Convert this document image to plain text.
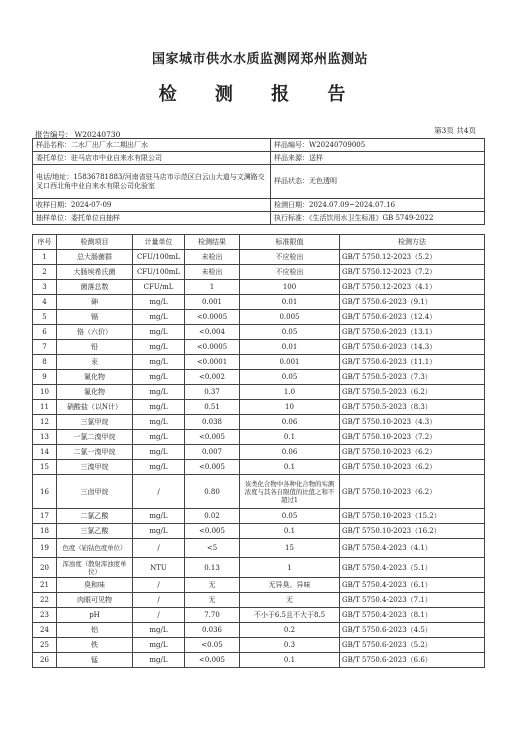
国家城市供水水质监测网郑州监测站
检 测 报 告
第3页 共4页
报告编号： W20240730
样品名称：二水厂出厂水二期出厂水	样品编号：W20240709005
委托单位：驻马店市中业自来水有限公司	样品来源：送样
电话/地址：15836781883/河南省驻马店市示范区白云山大道与文渊路交叉口西北角中业自来水有限公司化验室	样品状态：无色透明
收样日期：2024-07-09	检测日期：2024.07.09~2024.07.16
抽样单位：委托单位自抽样	执行标准：《生活饮用水卫生标准》GB 5749-2022
序号	检测项目	计量单位	检测结果	标准限值	检测方法
1	总大肠菌群	CFU/100mL	未检出	不应检出	GB/T 5750.12-2023（5.2）
2	大肠埃希氏菌	CFU/100mL	未检出	不应检出	GB/T 5750.12-2023（7.2）
3	菌落总数	CFU/mL	1	100	GB/T 5750.12-2023（4.1）
4	砷	mg/L	0.001	0.01	GB/T 5750.6-2023（9.1）
5	镉	mg/L	<0.0005	0.005	GB/T 5750.6-2023（12.4）
6	铬（六价）	mg/L	<0.004	0.05	GB/T 5750.6-2023（13.1）
7	铅	mg/L	<0.0005	0.01	GB/T 5750.6-2023（14.3）
8	汞	mg/L	<0.0001	0.001	GB/T 5750.6-2023（11.1）
9	氰化物	mg/L	<0.002	0.05	GB/T 5750.5-2023（7.3）
10	氟化物	mg/L	0.37	1.0	GB/T 5750.5-2023（6.2）
11	硝酸盐（以N计）	mg/L	0.51	10	GB/T 5750.5-2023（8.3）
12	三氯甲烷	mg/L	0.038	0.06	GB/T 5750.10-2023（4.3）
13	一氯二溴甲烷	mg/L	<0.005	0.1	GB/T 5750.10-2023（7.2）
14	二氯一溴甲烷	mg/L	0.007	0.06	GB/T 5750.10-2023（6.2）
15	三溴甲烷	mg/L	<0.005	0.1	GB/T 5750.10-2023（6.2）
16	三卤甲烷	/	0.80	该类化合物中各种化合物的实测浓度与其各自限值的比值之和不超过1	GB/T 5750.10-2023（6.2）
17	二氯乙酸	mg/L	0.02	0.05	GB/T 5750.10-2023（15.2）
18	三氯乙酸	mg/L	<0.005	0.1	GB/T 5750.10-2023（16.2）
19	色度（铂钴色度单位）	/	<5	15	GB/T 5750.4-2023（4.1）
20	浑浊度（散射浑浊度单位）	NTU	0.13	1	GB/T 5750.4-2023（5.1）
21	臭和味	/	无	无异臭、异味	GB/T 5750.4-2023（6.1）
22	肉眼可见物	/	无	无	GB/T 5750.4-2023（7.1）
23	pH	/	7.70	不小于6.5且不大于8.5	GB/T 5750.4-2023（8.1）
24	铝	mg/L	0.036	0.2	GB/T 5750.6-2023（4.5）
25	铁	mg/L	<0.05	0.3	GB/T 5750.6-2023（5.2）
26	锰	mg/L	<0.005	0.1	GB/T 5750.6-2023（6.6）
